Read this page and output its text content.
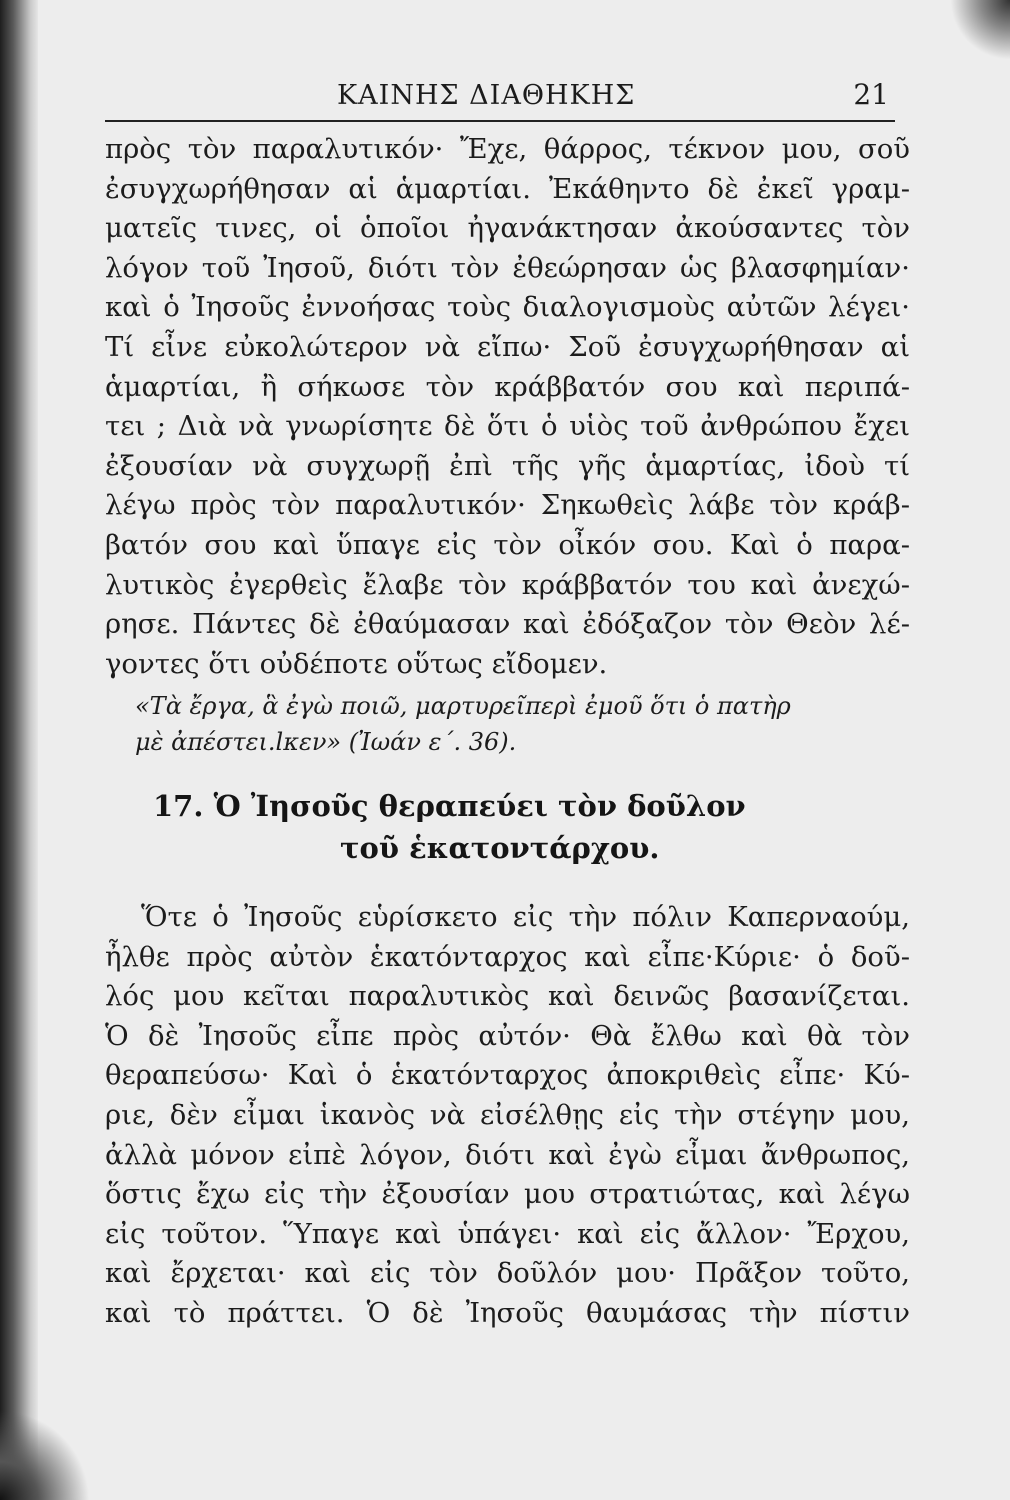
ΚΑΙΝΗΣ ΔΙΑΘΗΚΗΣ	21
πρὸς τὸν παραλυτικόν· Ἔχε, θάρρος, τέκνον μου, σοῦ
ἐσυγχωρήθησαν αἱ ἁμαρτίαι. Ἐκάθηντο δὲ ἐκεῖ γραμ-
ματεῖς τινες, οἱ ὁποῖοι ἠγανάκτησαν ἀκούσαντες τὸν
λόγον τοῦ Ἰησοῦ, διότι τὸν ἐθεώρησαν ὡς βλασφημίαν·
καὶ ὁ Ἰησοῦς ἐννοήσας τοὺς διαλογισμοὺς αὐτῶν λέγει·
Τί εἶνε εὐκολώτερον νὰ εἴπω· Σοῦ ἐσυγχωρήθησαν αἱ
ἁμαρτίαι, ἢ σήκωσε τὸν κράββατόν σου καὶ περιπά-
τει ; Διὰ νὰ γνωρίσητε δὲ ὅτι ὁ υἱὸς τοῦ ἀνθρώπου ἔχει
ἐξουσίαν νὰ συγχωρῇ ἐπὶ τῆς γῆς ἁμαρτίας, ἰδοὺ τί
λέγω πρὸς τὸν παραλυτικόν· Σηκωθεὶς λάβε τὸν κράβ-
βατόν σου καὶ ὕπαγε εἰς τὸν οἶκόν σου. Καὶ ὁ παρα-
λυτικὸς ἐγερθεὶς ἔλαβε τὸν κράββατόν του καὶ ἀνεχώ-
ρησε. Πάντες δὲ ἐθαύμασαν καὶ ἐδόξαζον τὸν Θεὸν λέ-
γοντες ὅτι οὐδέποτε οὕτως εἴδομεν.
«Τὰ ἔργα, ἃ ἐγὼ ποιῶ, μαρτυρεῖπερὶ ἐμοῦ ὅτι ὁ πατὴρ
μὲ ἀπέστει.lκεν» (Ἰωάν ε΄. 36).
17. Ὁ Ἰησοῦς θεραπεύει τὸν δοῦλον
τοῦ ἑκατοντάρχου.
Ὅτε ὁ Ἰησοῦς εὑρίσκετο εἰς τὴν πόλιν Καπερναούμ,
ἦλθε πρὸς αὐτὸν ἑκατόνταρχος καὶ εἶπε·Κύριε· ὁ δοῦ-
λός μου κεῖται παραλυτικὸς καὶ δεινῶς βασανίζεται.
Ὁ δὲ Ἰησοῦς εἶπε πρὸς αὐτόν· Θὰ ἔλθω καὶ θὰ τὸν
θεραπεύσω· Καὶ ὁ ἑκατόνταρχος ἀποκριθεὶς εἶπε· Κύ-
ριε, δὲν εἶμαι ἱκανὸς νὰ εἰσέλθῃς εἰς τὴν στέγην μου,
ἀλλὰ μόνον εἰπὲ λόγον, διότι καὶ ἐγὼ εἶμαι ἄνθρωπος,
ὅστις ἔχω εἰς τὴν ἐξουσίαν μου στρατιώτας, καὶ λέγω
εἰς τοῦτον. Ὕπαγε καὶ ὑπάγει· καὶ εἰς ἄλλον· Ἔρχου,
καὶ ἔρχεται· καὶ εἰς τὸν δοῦλόν μου· Πρᾶξον τοῦτο,
καὶ τὸ πράττει. Ὁ δὲ Ἰησοῦς θαυμάσας τὴν πίστιν
